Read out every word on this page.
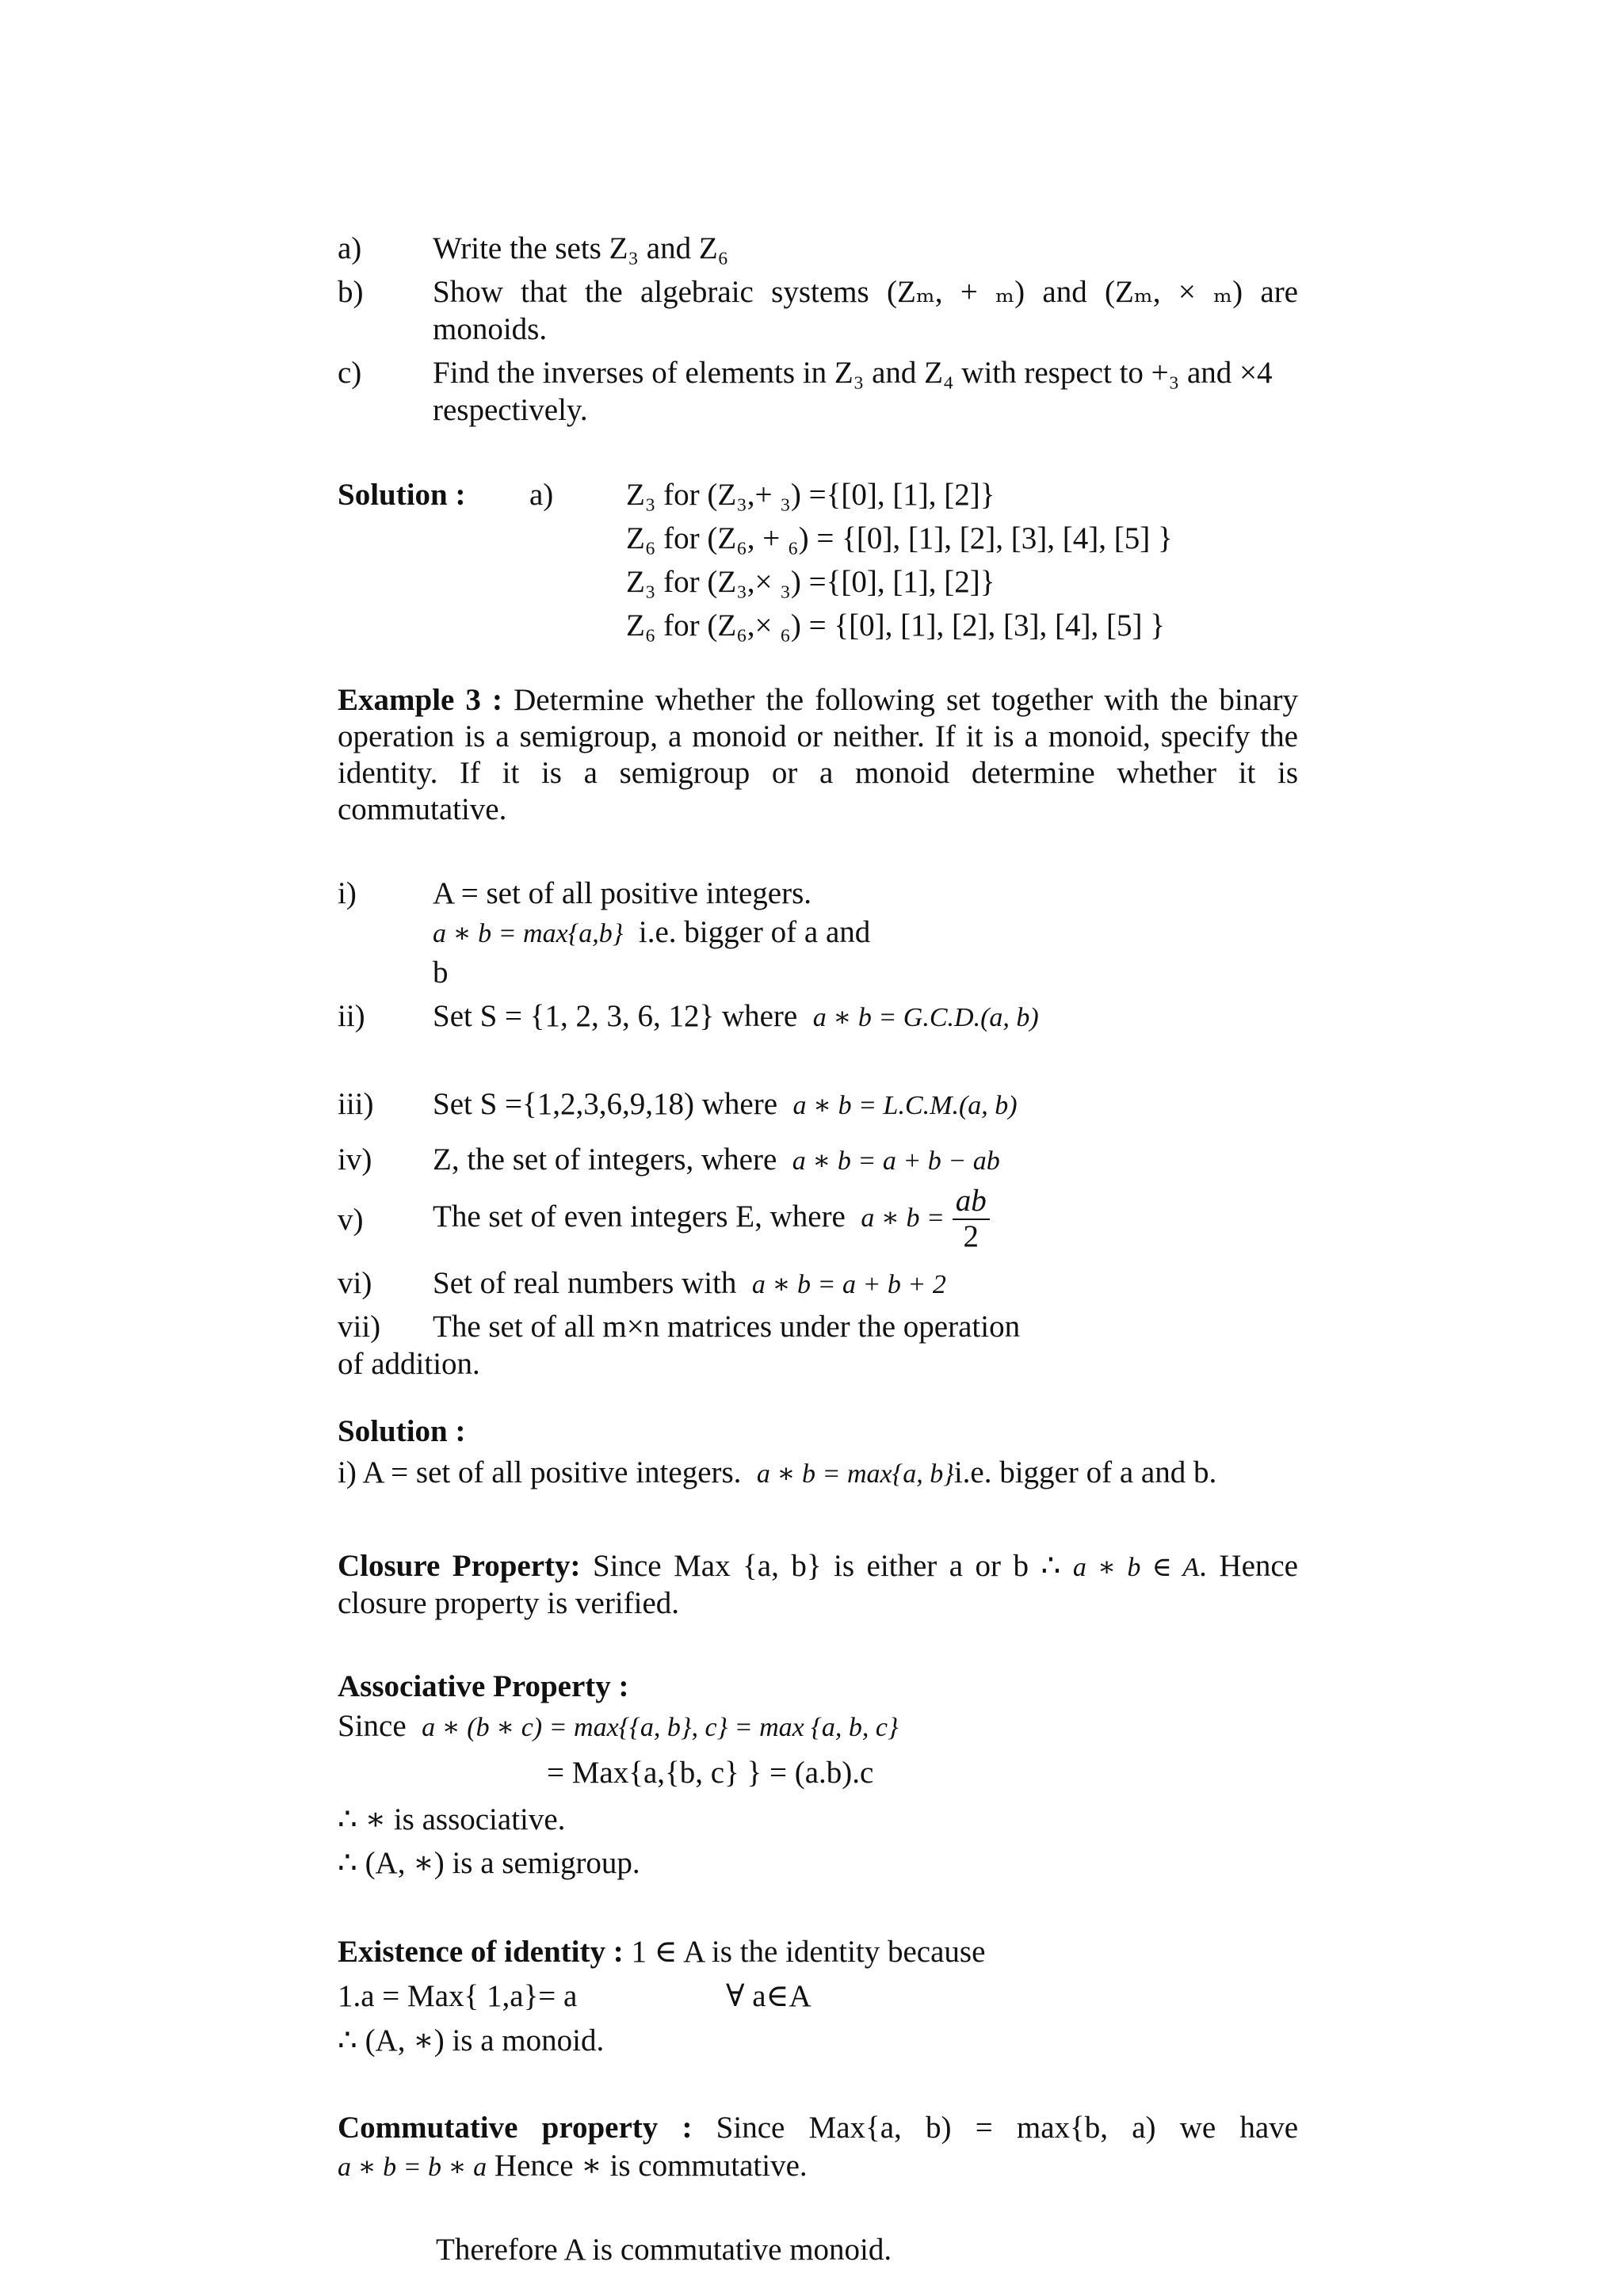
a) Write the sets Z₃ and Z₆
b) Show that the algebraic systems (Zₘ, + ₘ) and (Zₘ, × ₘ) are
monoids.
c) Find the inverses of elements in Z₃ and Z₄ with respect to +₃ and ×4
respectively.
Solution : a) Z₃ for (Z₃,+ ₃) ={[0], [1], [2]}
Z₆ for (Z₆, + ₆) = {[0], [1], [2], [3], [4], [5] }
Z₃ for (Z₃,× ₃) ={[0], [1], [2]}
Z₆ for (Z₆,× ₆) = {[0], [1], [2], [3], [4], [5] }
Example 3 : Determine whether the following set together with the binary
operation is a semigroup, a monoid or neither. If it is a monoid, specify the
identity. If it is a semigroup or a monoid determine whether it is
commutative.
i) A = set of all positive integers.
a ∗ b = max{a,b} i.e. bigger of a and
b
ii) Set S = {1, 2, 3, 6, 12} where a ∗ b = G.C.D.(a, b)
iii) Set S ={1,2,3,6,9,18) where a ∗ b = L.C.M.(a, b)
iv) Z, the set of integers, where a ∗ b = a + b − ab
v) The set of even integers E, where a ∗ $b = \frac{ab}{2}$
vi) Set of real numbers with a ∗ b = a + b + 2
vii) The set of all m×n matrices under the operation
of addition.
Solution :
i) A = set of all positive integers. a ∗ b = max{a, b}i.e. bigger of a and b.
Closure Property: Since Max {a, b} is either a or b ∴ a ∗ b ∈ A. Hence
closure property is verified.
Associative Property :
Since a ∗ (b ∗ c) = max{{a, b}, c} = max {a, b, c}
= Max{a,{b, c} } = (a.b).c
∴ ∗ is associative.
∴ (A, ∗) is a semigroup.
Existence of identity : 1 ∈ A is the identity because
1.a = Max{ 1,a}= a	∀ a∈A
∴ (A, ∗) is a monoid.
Commutative property : Since Max{a, b) = max{b, a) we have
a ∗ b = b ∗ a Hence ∗ is commutative.
Therefore A is commutative monoid.
